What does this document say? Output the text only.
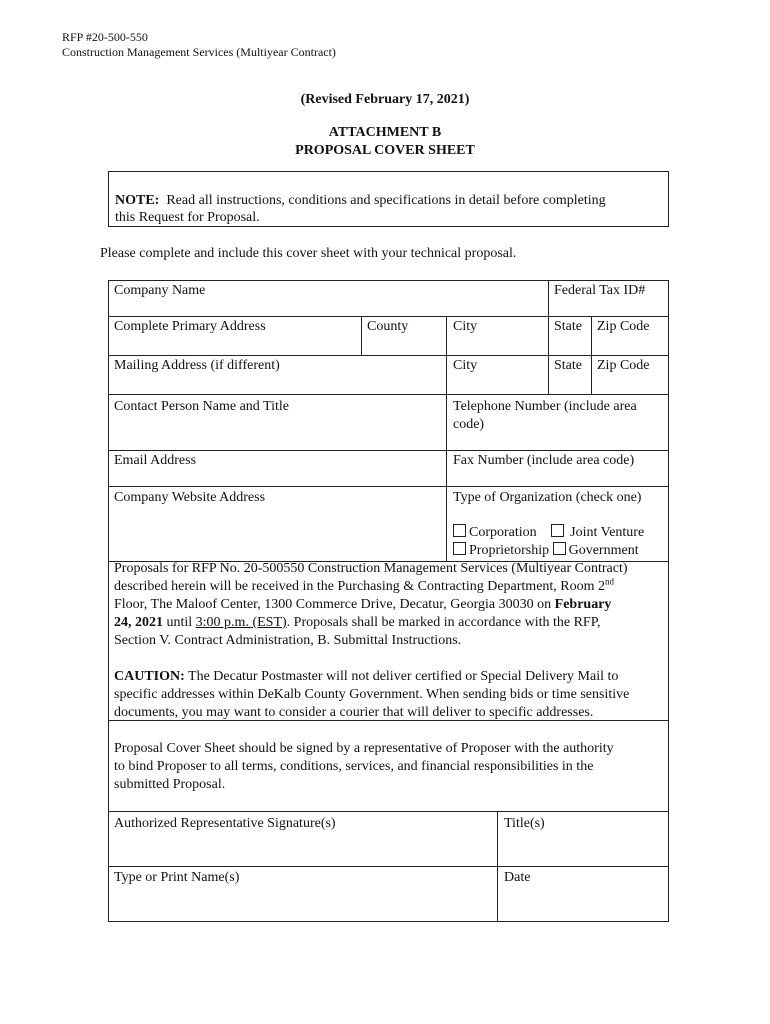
RFP #20-500-550
Construction Management Services (Multiyear Contract)
(Revised February 17, 2021)
ATTACHMENT B
PROPOSAL COVER SHEET
NOTE: Read all instructions, conditions and specifications in detail before completing
this Request for Proposal.
Please complete and include this cover sheet with your technical proposal.
Company Name	Federal Tax ID#
Complete Primary Address	County	City	State Zip Code
Mailing Address (if different)	City	State Zip Code
Contact Person Name and Title	Telephone Number (include area
code)
Email Address	Fax Number (include area code)
Company Website Address	Type of Organization (check one)
Corporation Joint Venture
Proprietorship Government
Proposals for RFP No. 20-500550 Construction Management Services (Multiyear Contract)
described herein will be received in the Purchasing & Contracting Department, Room 2nd
Floor, The Maloof Center, 1300 Commerce Drive, Decatur, Georgia 30030 on February
24, 2021 until 3:00 p.m. (EST). Proposals shall be marked in accordance with the RFP,
Section V. Contract Administration, B. Submittal Instructions.
CAUTION: The Decatur Postmaster will not deliver certified or Special Delivery Mail to
specific addresses within DeKalb County Government. When sending bids or time sensitive
documents, you may want to consider a courier that will deliver to specific addresses.
Proposal Cover Sheet should be signed by a representative of Proposer with the authority
to bind Proposer to all terms, conditions, services, and financial responsibilities in the
submitted Proposal.
Authorized Representative Signature(s)	Title(s)
Type or Print Name(s)	Date
